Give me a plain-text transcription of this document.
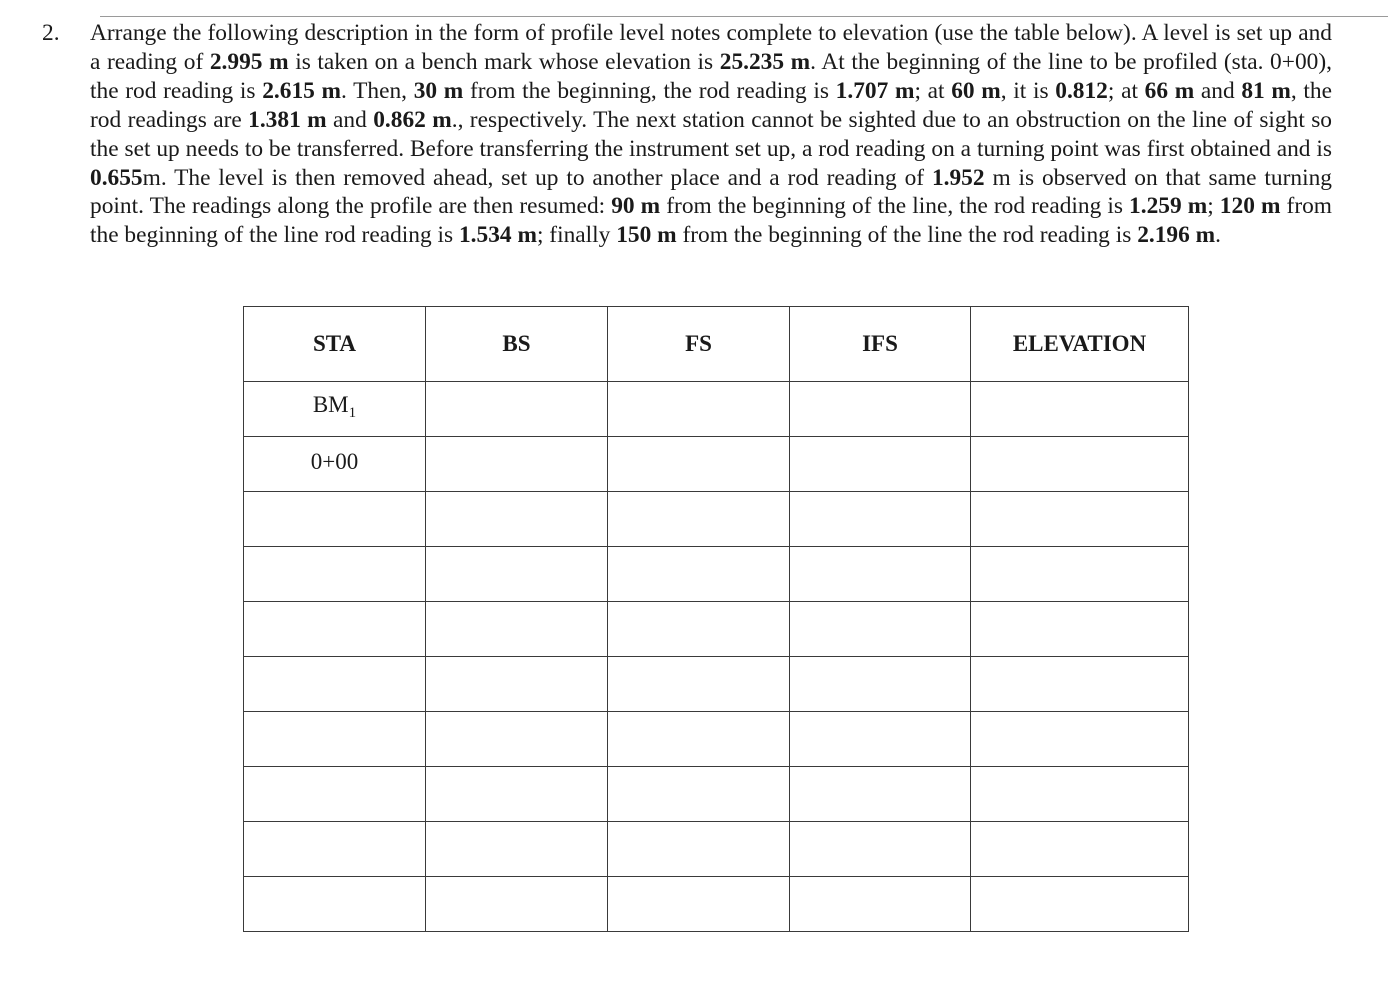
2. Arrange the following description in the form of profile level notes complete to elevation (use the table below). A level is set up and a reading of 2.995 m is taken on a bench mark whose elevation is 25.235 m. At the beginning of the line to be profiled (sta. 0+00), the rod reading is 2.615 m. Then, 30 m from the beginning, the rod reading is 1.707 m; at 60 m, it is 0.812; at 66 m and 81 m, the rod readings are 1.381 m and 0.862 m., respectively. The next station cannot be sighted due to an obstruction on the line of sight so the set up needs to be transferred. Before transferring the instrument set up, a rod reading on a turning point was first obtained and is 0.655m. The level is then removed ahead, set up to another place and a rod reading of 1.952 m is observed on that same turning point. The readings along the profile are then resumed: 90 m from the beginning of the line, the rod reading is 1.259 m; 120 m from the beginning of the line rod reading is 1.534 m; finally 150 m from the beginning of the line the rod reading is 2.196 m.
STA	BS	FS	IFS	ELEVATION
$BM_1$				
0+00				
